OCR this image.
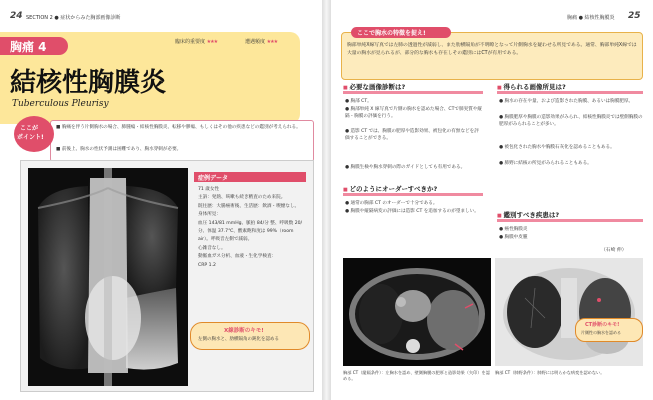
24 SECTION 2 ● 症状からみた胸部画像診断
胸痛 4	臨床的重要度 ★★★	遭遇頻度 ★★★
結核性胸膜炎
Tuberculous Pleurisy
ここが
ポイント!
■ 胸痛を伴う片側胸水の場合、肺腫瘍・結核性胸膜炎、転移や膠瘍、もしくはその他の疾患などの鑑別が考えられる。
■ 前後上、胸水の性状予測は困難であり、胸水穿刺が必要。
症例データ
71 歳女性
主訴：発熱、咳嗽も続き精査のため来院。
既往歴：大腸癌術後、生活歴：飲酒・喫煙なし。
身体所見：
血圧 143/81 mmHg、脈拍 84/分 整、呼吸数 20/分、体温 37.7℃、酸素飽和度は 99%（room air）。呼吸音左側で減弱。
心雑音なし。
動脈血ガス分析、血液・生化学検査：
CRP 1.2
X線診断のキモ!
左側の胸水と、肋横隔角の鈍化を認める
胸痛 ● 結核性胸膜炎 25
ここで胸水の特徴を捉え!
胸部単純X線写真では左肺の透過性が減弱し、また肋横隔角が不明瞭となって片側胸水を疑わせる所見である。通常、胸部単純X線では大量の胸水が見られるが、部分的な胸水も存在しその鑑別にはCTが有用である。
■ 必要な画像診断は?
● 胸部 CT。
● 胸部単純 X 線写真で片側の胸水を認めた場合、CTで肺実質や縦隔・胸膜の評価を行う。
● 造影 CT では、胸膜の肥厚や造影効果、被包化の有無などを評価することができる。
● 胸膜生検や胸水穿刺の際のガイドとしても有用である。
■ どのようにオーダーすべきか?
● 通常の胸部 CT のオーダーで十分である。
● 胸膜や縦隔病変の評価には造影 CT を追加するのが望ましい。
■ 得られる画像所見は?
● 胸水の存在や量、および造影された胸膜、あるいは胸膜肥厚。
● 胸膜肥厚や胸膜の造影効果がみられ、結核性胸膜炎では壁側胸膜の肥厚がみられることが多い。
● 被包化された胸水や胸膜石灰化を認めることもある。
● 肺野に結核の所見がみられることもある。
■ 鑑別すべき疾患は?
● 癌性胸膜炎
● 胸膜中皮腫
（石崎 伸）
CT診断のキモ!
片側性の胸水を認める
胸部 CT（縦隔条件）：左胸水を認め、壁側胸膜の肥厚と造影効果（矢印）を認める。
胸部 CT（肺野条件）：肺野には明らかな病変を認めない。
